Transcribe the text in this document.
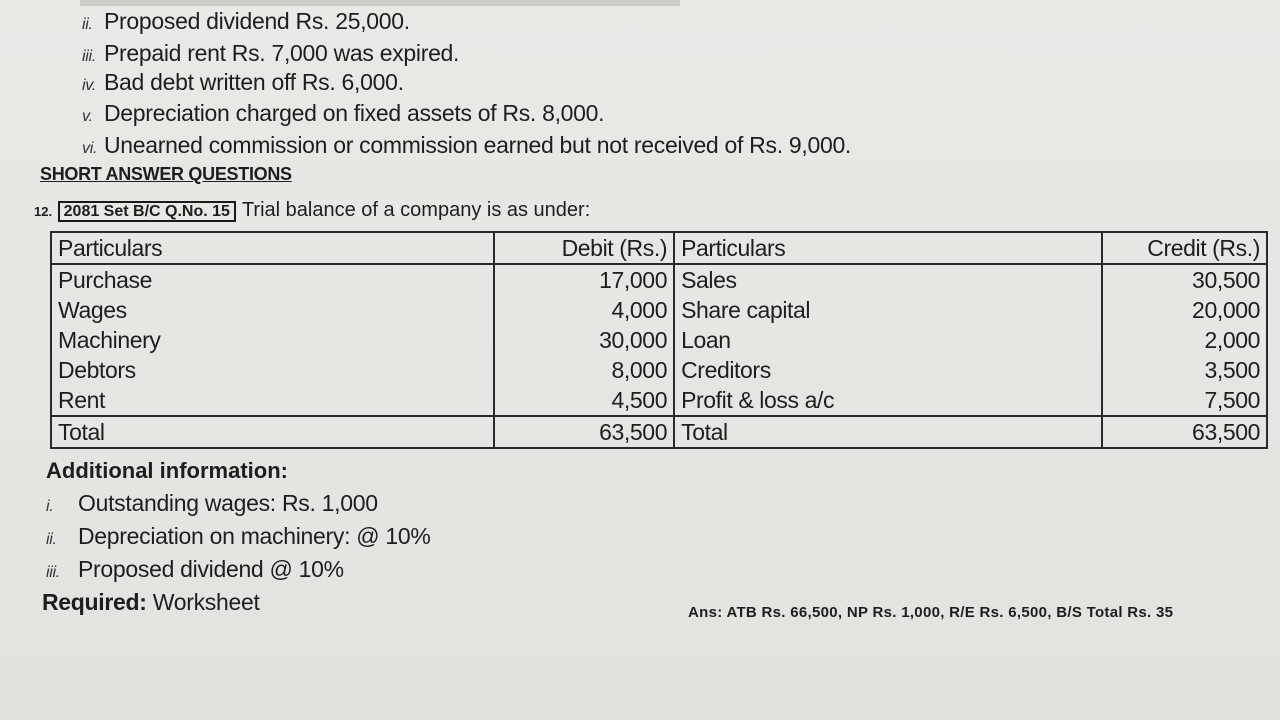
ii. Proposed dividend Rs. 25,000.
iii. Prepaid rent Rs. 7,000 was expired.
iv. Bad debt written off Rs. 6,000.
v. Depreciation charged on fixed assets of Rs. 8,000.
vi. Unearned commission or commission earned but not received of Rs. 9,000.
SHORT ANSWER QUESTIONS
12. 2081 Set B/C Q.No. 15 Trial balance of a company is as under:
Particulars	Debit (Rs.)	Particulars	Credit (Rs.)
Purchase	17,000	Sales	30,500
Wages	4,000	Share capital	20,000
Machinery	30,000	Loan	2,000
Debtors	8,000	Creditors	3,500
Rent	4,500	Profit & loss a/c	7,500
Total	63,500	Total	63,500
Additional information:
i. Outstanding wages: Rs. 1,000
ii. Depreciation on machinery: @ 10%
iii. Proposed dividend @ 10%
Required: Worksheet	Ans: ATB Rs. 66,500, NP Rs. 1,000, R/E Rs. 6,500, B/S Total Rs. 35
